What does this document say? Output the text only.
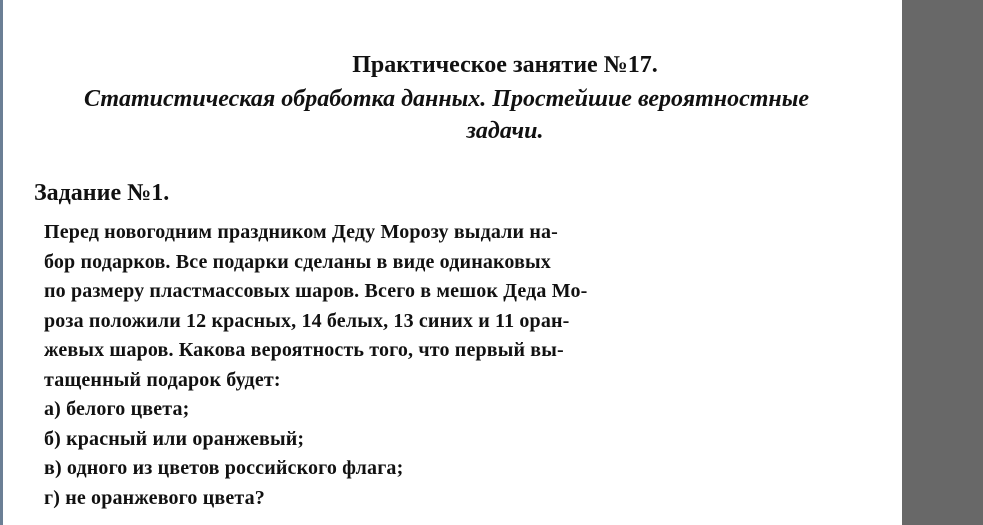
Практическое занятие №17.
Статистическая обработка данных. Простейшие вероятностные
задачи.
Задание №1.
Перед новогодним праздником Деду Морозу выдали на-
бор подарков. Все подарки сделаны в виде одинаковых
по размеру пластмассовых шаров. Всего в мешок Деда Мо-
роза положили 12 красных, 14 белых, 13 синих и 11 оран-
жевых шаров. Какова вероятность того, что первый вы-
тащенный подарок будет:
а) белого цвета;
б) красный или оранжевый;
в) одного из цветов российского флага;
г) не оранжевого цвета?
